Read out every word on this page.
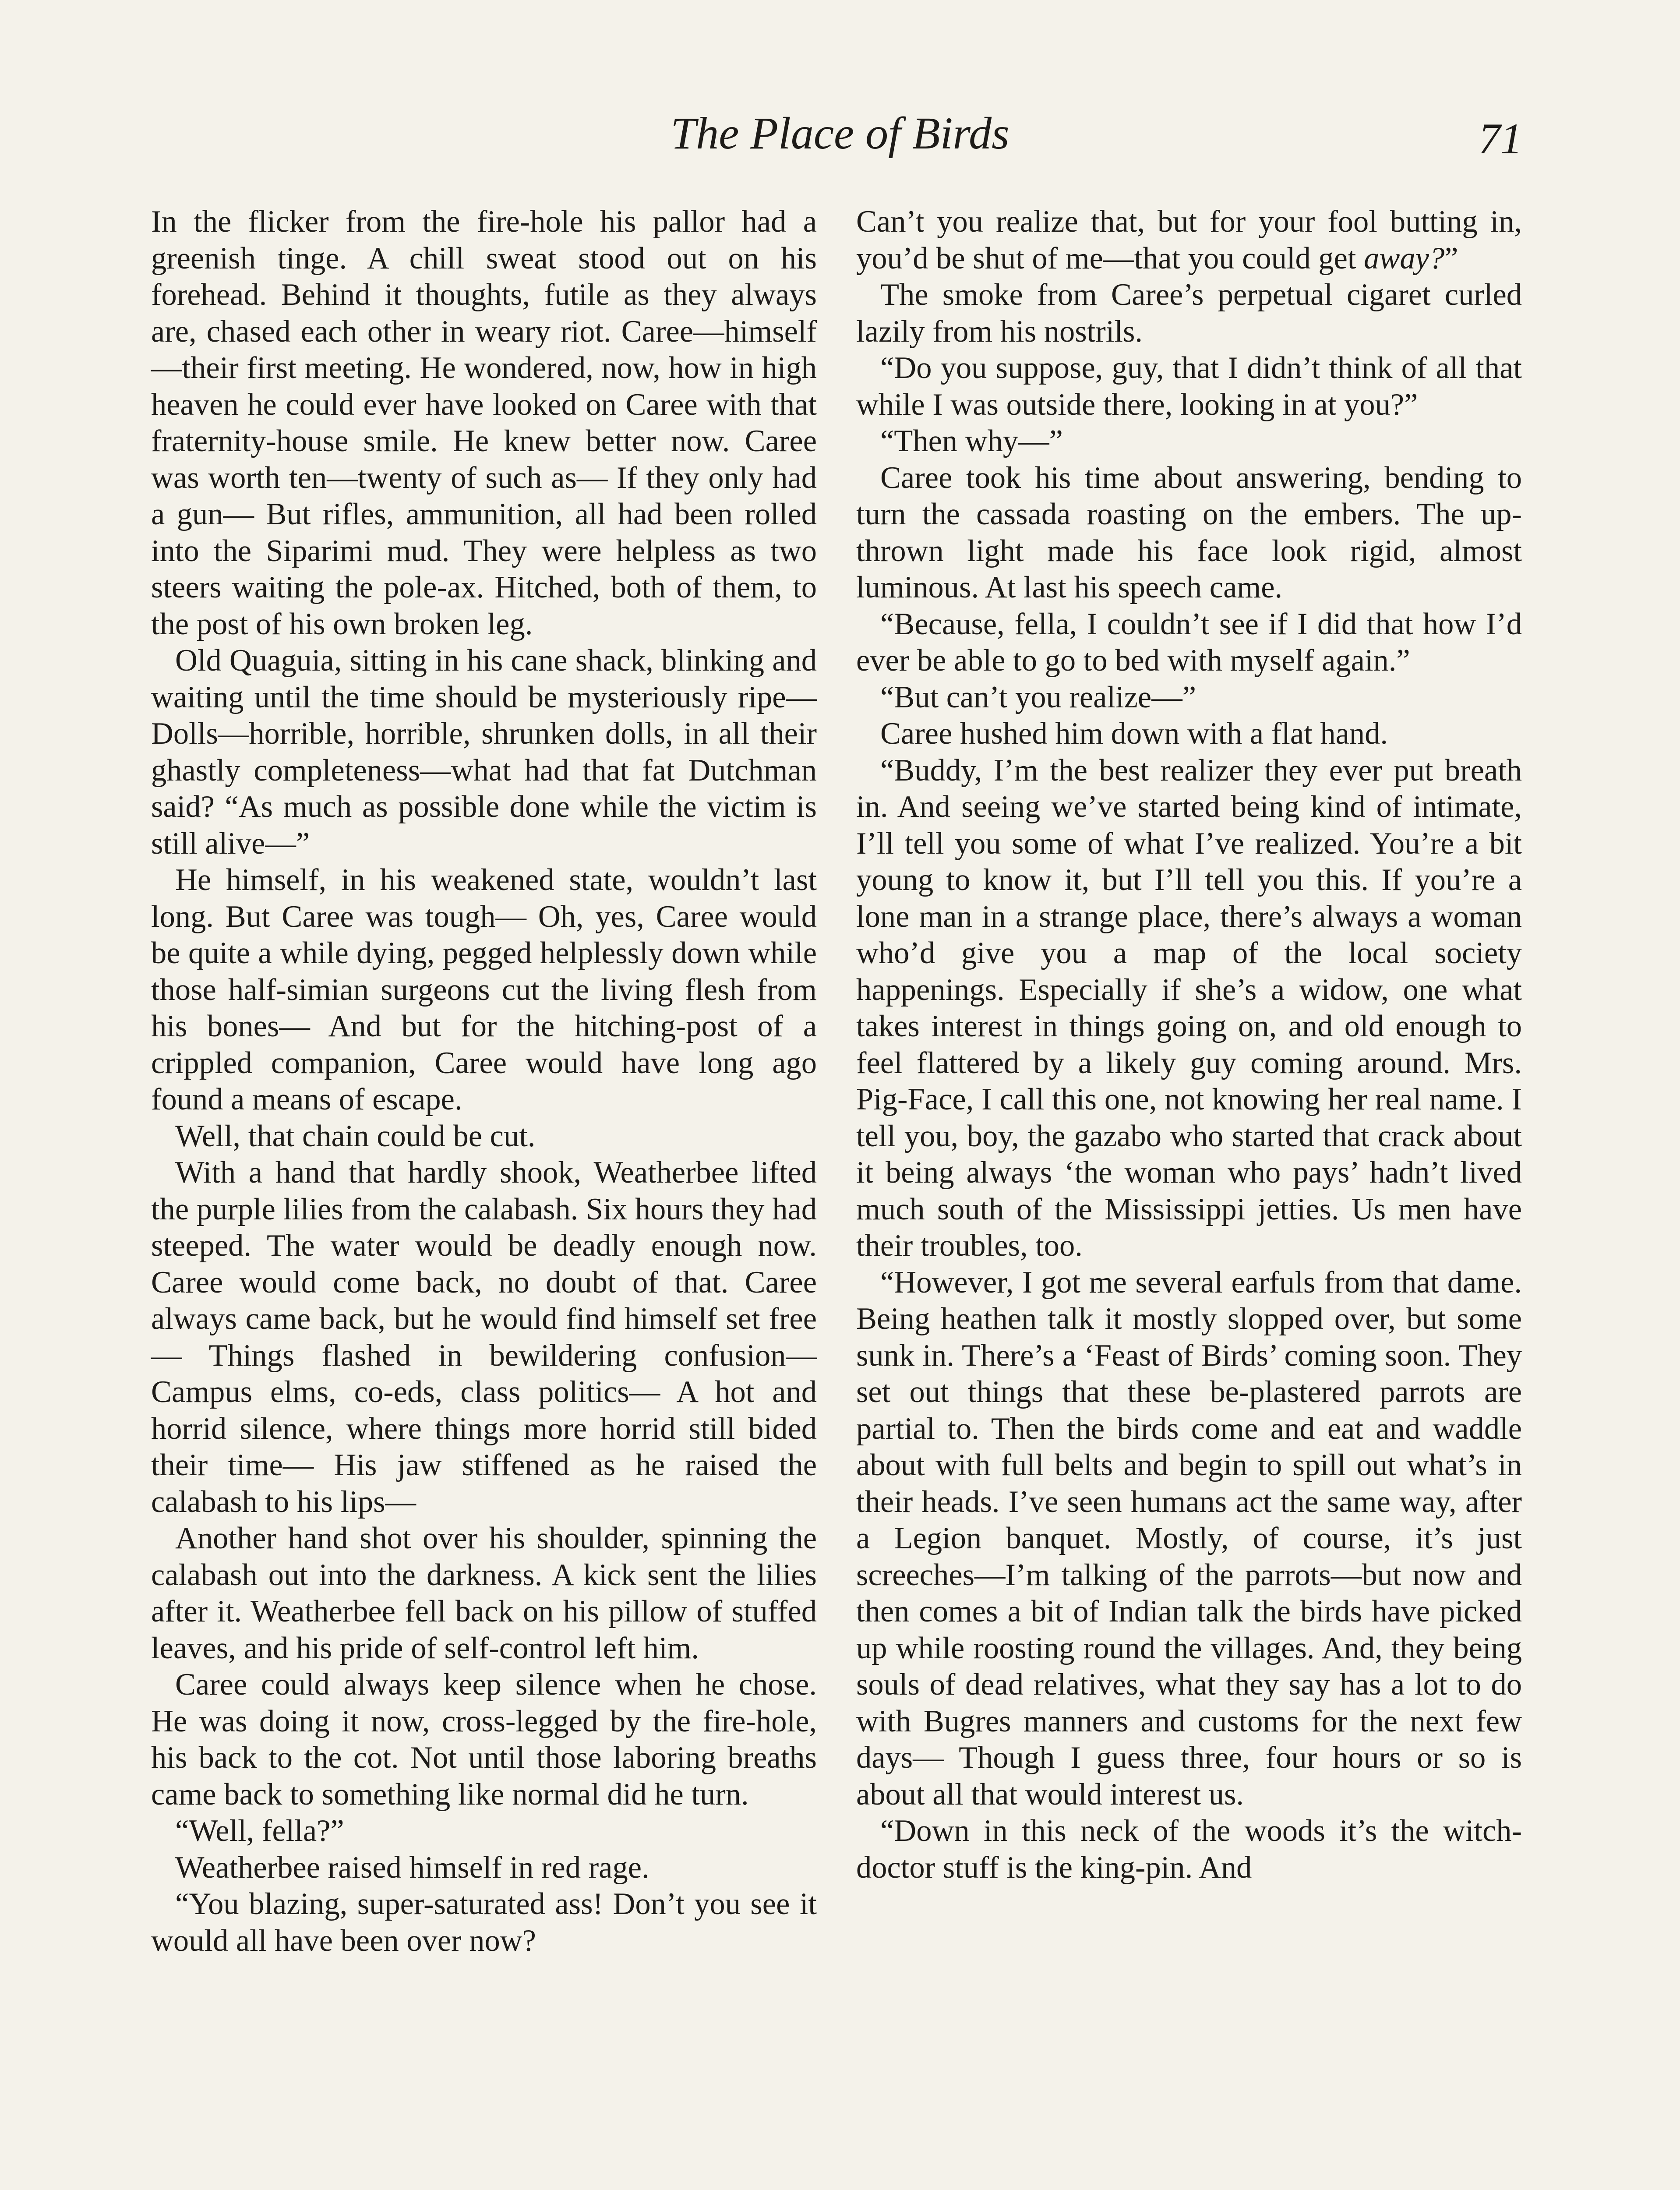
The Place of Birds	71

In the flicker from the fire-hole his pallor had a greenish tinge. A chill sweat stood out on his forehead. Behind it thoughts, futile as they always are, chased each other in weary riot. Caree—himself—their first meeting. He wondered, now, how in high heaven he could ever have looked on Caree with that fraternity-house smile. He knew better now. Caree was worth ten—twenty of such as— If they only had a gun— But rifles, ammunition, all had been rolled into the Siparimi mud. They were helpless as two steers waiting the pole-ax. Hitched, both of them, to the post of his own broken leg.

Old Quaguia, sitting in his cane shack, blinking and waiting until the time should be mysteriously ripe— Dolls—horrible, horrible, shrunken dolls, in all their ghastly completeness—what had that fat Dutchman said? “As much as possible done while the victim is still alive—”

He himself, in his weakened state, wouldn’t last long. But Caree was tough— Oh, yes, Caree would be quite a while dying, pegged helplessly down while those half-simian surgeons cut the living flesh from his bones— And but for the hitching-post of a crippled companion, Caree would have long ago found a means of escape.

Well, that chain could be cut.

With a hand that hardly shook, Weatherbee lifted the purple lilies from the calabash. Six hours they had steeped. The water would be deadly enough now. Caree would come back, no doubt of that. Caree always came back, but he would find himself set free— Things flashed in bewildering confusion— Campus elms, co-eds, class politics— A hot and horrid silence, where things more horrid still bided their time— His jaw stiffened as he raised the calabash to his lips—

Another hand shot over his shoulder, spinning the calabash out into the darkness. A kick sent the lilies after it. Weatherbee fell back on his pillow of stuffed leaves, and his pride of self-control left him.

Caree could always keep silence when he chose. He was doing it now, cross-legged by the fire-hole, his back to the cot. Not until those laboring breaths came back to something like normal did he turn.

“Well, fella?”

Weatherbee raised himself in red rage.

“You blazing, super-saturated ass! Don’t you see it would all have been over now?

Can’t you realize that, but for your fool butting in, you’d be shut of me—that you could get away?”

The smoke from Caree’s perpetual cigaret curled lazily from his nostrils.

“Do you suppose, guy, that I didn’t think of all that while I was outside there, looking in at you?”

“Then why—”

Caree took his time about answering, bending to turn the cassada roasting on the embers. The up-thrown light made his face look rigid, almost luminous. At last his speech came.

“Because, fella, I couldn’t see if I did that how I’d ever be able to go to bed with myself again.”

“But can’t you realize—”

Caree hushed him down with a flat hand.

“Buddy, I’m the best realizer they ever put breath in. And seeing we’ve started being kind of intimate, I’ll tell you some of what I’ve realized. You’re a bit young to know it, but I’ll tell you this. If you’re a lone man in a strange place, there’s always a woman who’d give you a map of the local society happenings. Especially if she’s a widow, one what takes interest in things going on, and old enough to feel flattered by a likely guy coming around. Mrs. Pig-Face, I call this one, not knowing her real name. I tell you, boy, the gazabo who started that crack about it being always ‘the woman who pays’ hadn’t lived much south of the Mississippi jetties. Us men have their troubles, too.

“However, I got me several earfuls from that dame. Being heathen talk it mostly slopped over, but some sunk in. There’s a ‘Feast of Birds’ coming soon. They set out things that these be-plastered parrots are partial to. Then the birds come and eat and waddle about with full belts and begin to spill out what’s in their heads. I’ve seen humans act the same way, after a Legion banquet. Mostly, of course, it’s just screeches—I’m talking of the parrots—but now and then comes a bit of Indian talk the birds have picked up while roosting round the villages. And, they being souls of dead relatives, what they say has a lot to do with Bugres manners and customs for the next few days— Though I guess three, four hours or so is about all that would interest us.

“Down in this neck of the woods it’s the witch-doctor stuff is the king-pin. And
